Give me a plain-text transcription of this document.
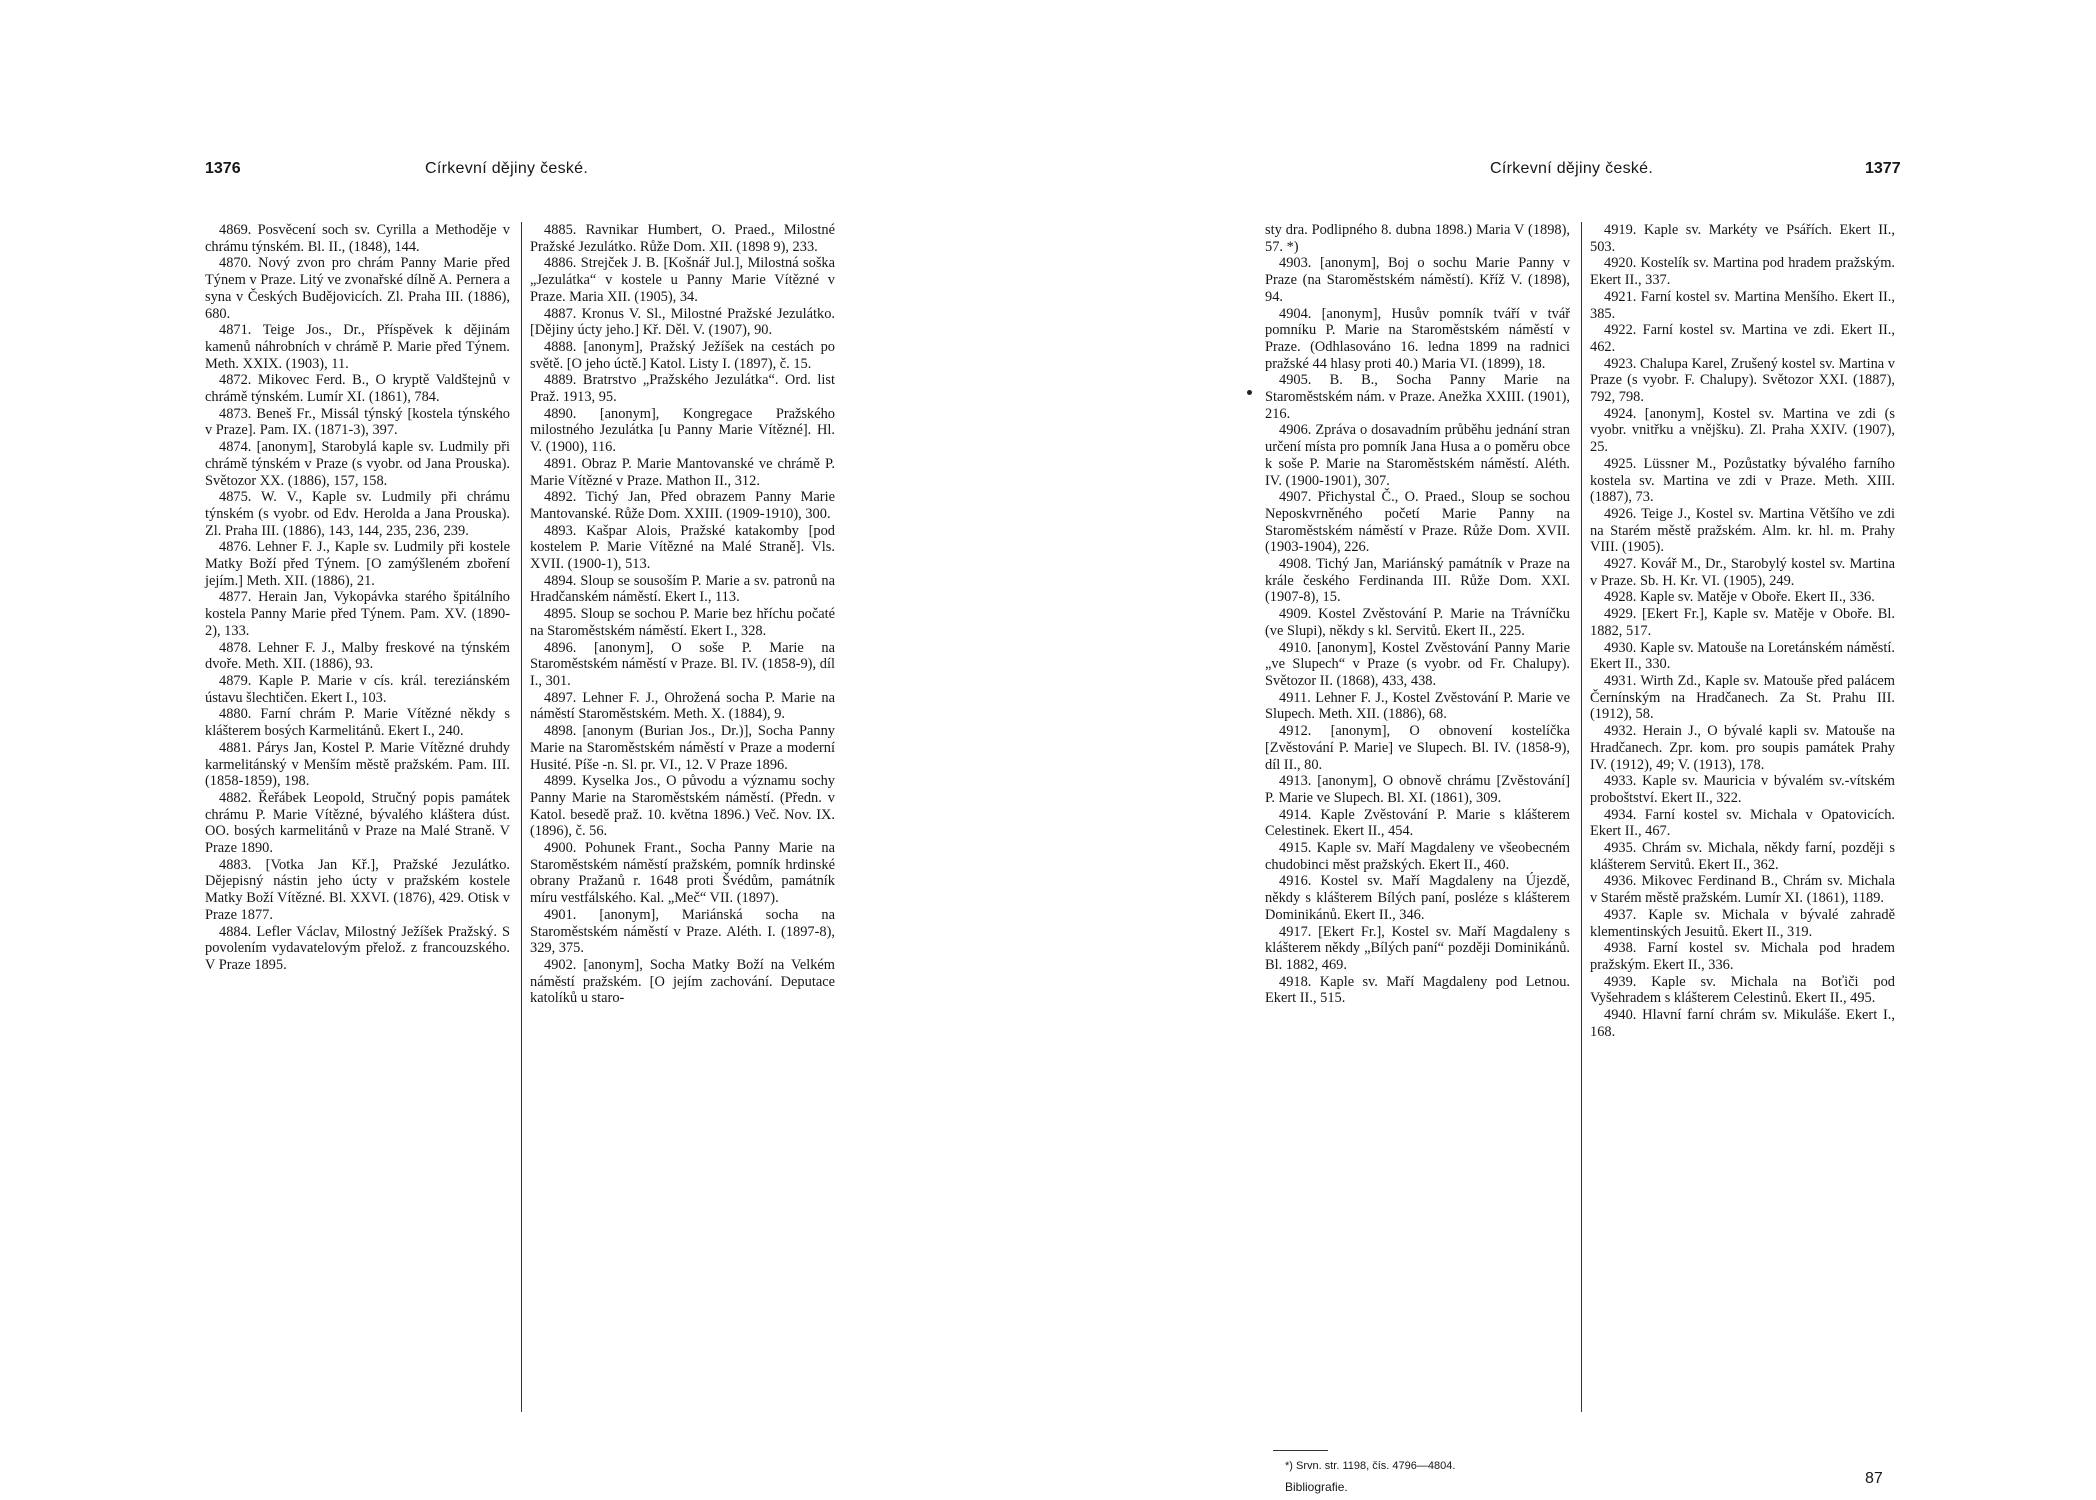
1376	Církevní dějiny české.

4869. Posvěcení soch sv. Cyrilla a Methoděje v chrámu týnském. Bl. II., (1848), 144.

4870. Nový zvon pro chrám Panny Marie před Týnem v Praze. Litý ve zvonařské dílně A. Pernera a syna v Českých Budějovicích. Zl. Praha III. (1886), 680.

4871. Teige Jos., Dr., Příspěvek k dějinám kamenů náhrobních v chrámě P. Marie před Týnem. Meth. XXIX. (1903), 11.

4872. Mikovec Ferd. B., O kryptě Valdštejnů v chrámě týnském. Lumír XI. (1861), 784.

4873. Beneš Fr., Missál týnský [kostela týnského v Praze]. Pam. IX. (1871-3), 397.

4874. [anonym], Starobylá kaple sv. Ludmily při chrámě týnském v Praze (s vyobr. od Jana Prouska). Světozor XX. (1886), 157, 158.

4875. W. V., Kaple sv. Ludmily při chrámu týnském (s vyobr. od Edv. Herolda a Jana Prouska). Zl. Praha III. (1886), 143, 144, 235, 236, 239.

4876. Lehner F. J., Kaple sv. Ludmily při kostele Matky Boží před Týnem. [O zamýšleném zboření jejím.] Meth. XII. (1886), 21.

4877. Herain Jan, Vykopávka starého špitálního kostela Panny Marie před Týnem. Pam. XV. (1890-2), 133.

4878. Lehner F. J., Malby freskové na týnském dvoře. Meth. XII. (1886), 93.

4879. Kaple P. Marie v cís. král. tereziánském ústavu šlechtičen. Ekert I., 103.

4880. Farní chrám P. Marie Vítězné někdy s klášterem bosých Karmelitánů. Ekert I., 240.

4881. Párys Jan, Kostel P. Marie Vítězné druhdy karmelitánský v Menším městě pražském. Pam. III. (1858-1859), 198.

4882. Řeřábek Leopold, Stručný popis památek chrámu P. Marie Vítězné, bývalého kláštera dúst. OO. bosých karmelitánů v Praze na Malé Straně. V Praze 1890.

4883. [Votka Jan Kř.], Pražské Jezulátko. Dějepisný nástin jeho úcty v pražském kostele Matky Boží Vítězné. Bl. XXVI. (1876), 429. Otisk v Praze 1877.

4884. Lefler Václav, Milostný Ježíšek Pražský. S povolením vydavatelovým přelož. z francouzského. V Praze 1895.

4885. Ravnikar Humbert, O. Praed., Milostné Pražské Jezulátko. Růže Dom. XII. (1898 9), 233.

4886. Strejček J. B. [Košnář Jul.], Milostná soška „Jezulátka“ v kostele u Panny Marie Vítězné v Praze. Maria XII. (1905), 34.

4887. Kronus V. Sl., Milostné Pražské Jezulátko. [Dějiny úcty jeho.] Kř. Děl. V. (1907), 90.

4888. [anonym], Pražský Ježíšek na cestách po světě. [O jeho úctě.] Katol. Listy I. (1897), č. 15.

4889. Bratrstvo „Pražského Jezulátka“. Ord. list Praž. 1913, 95.

4890. [anonym], Kongregace Pražského milostného Jezulátka [u Panny Marie Vítězné]. Hl. V. (1900), 116.

4891. Obraz P. Marie Mantovanské ve chrámě P. Marie Vítězné v Praze. Mathon II., 312.

4892. Tichý Jan, Před obrazem Panny Marie Mantovanské. Růže Dom. XXIII. (1909-1910), 300.

4893. Kašpar Alois, Pražské katakomby [pod kostelem P. Marie Vítězné na Malé Straně]. Vls. XVII. (1900-1), 513.

4894. Sloup se sousoším P. Marie a sv. patronů na Hradčanském náměstí. Ekert I., 113.

4895. Sloup se sochou P. Marie bez hříchu počaté na Staroměstském náměstí. Ekert I., 328.

4896. [anonym], O soše P. Marie na Staroměstském náměstí v Praze. Bl. IV. (1858-9), díl I., 301.

4897. Lehner F. J., Ohrožená socha P. Marie na náměstí Staroměstském. Meth. X. (1884), 9.

4898. [anonym (Burian Jos., Dr.)], Socha Panny Marie na Staroměstském náměstí v Praze a moderní Husité. Píše -n. Sl. pr. VI., 12. V Praze 1896.

4899. Kyselka Jos., O původu a významu sochy Panny Marie na Staroměstském náměstí. (Předn. v Katol. besedě praž. 10. května 1896.) Več. Nov. IX. (1896), č. 56.

4900. Pohunek Frant., Socha Panny Marie na Staroměstském náměstí pražském, pomník hrdinské obrany Pražanů r. 1648 proti Švédům, památník míru vestfálského. Kal. „Meč“ VII. (1897).

4901. [anonym], Mariánská socha na Staroměstském náměstí v Praze. Aléth. I. (1897-8), 329, 375.

4902. [anonym], Socha Matky Boží na Velkém náměstí pražském. [O jejím zachování. Deputace katolíků u staro-

Církevní dějiny české.	1377

sty dra. Podlipného 8. dubna 1898.) Maria V (1898), 57. *)

4903. [anonym], Boj o sochu Marie Panny v Praze (na Staroměstském náměstí). Kříž V. (1898), 94.

4904. [anonym], Husův pomník tváří v tvář pomníku P. Marie na Staroměstském náměstí v Praze. (Odhlasováno 16. ledna 1899 na radnici pražské 44 hlasy proti 40.) Maria VI. (1899), 18.

4905. B. B., Socha Panny Marie na Staroměstském nám. v Praze. Anežka XXIII. (1901), 216.

4906. Zpráva o dosavadním průběhu jednání stran určení místa pro pomník Jana Husa a o poměru obce k soše P. Marie na Staroměstském náměstí. Aléth. IV. (1900-1901), 307.

4907. Přichystal Č., O. Praed., Sloup se sochou Neposkvrněného početí Marie Panny na Staroměstském náměstí v Praze. Růže Dom. XVII. (1903-1904), 226.

4908. Tichý Jan, Mariánský památník v Praze na krále českého Ferdinanda III. Růže Dom. XXI. (1907-8), 15.

4909. Kostel Zvěstování P. Marie na Trávníčku (ve Slupi), někdy s kl. Servitů. Ekert II., 225.

4910. [anonym], Kostel Zvěstování Panny Marie „ve Slupech“ v Praze (s vyobr. od Fr. Chalupy). Světozor II. (1868), 433, 438.

4911. Lehner F. J., Kostel Zvěstování P. Marie ve Slupech. Meth. XII. (1886), 68.

4912. [anonym], O obnovení kostelíčka [Zvěstování P. Marie] ve Slupech. Bl. IV. (1858-9), díl II., 80.

4913. [anonym], O obnově chrámu [Zvěstování] P. Marie ve Slupech. Bl. XI. (1861), 309.

4914. Kaple Zvěstování P. Marie s klášterem Celestinek. Ekert II., 454.

4915. Kaple sv. Maří Magdaleny ve všeobecném chudobinci měst pražských. Ekert II., 460.

4916. Kostel sv. Maří Magdaleny na Újezdě, někdy s klášterem Bílých paní, posléze s klášterem Dominikánů. Ekert II., 346.

4917. [Ekert Fr.], Kostel sv. Maří Magdaleny s klášterem někdy „Bílých paní“ později Dominikánů. Bl. 1882, 469.

4918. Kaple sv. Maří Magdaleny pod Letnou. Ekert II., 515.

4919. Kaple sv. Markéty ve Psářích. Ekert II., 503.

4920. Kostelík sv. Martina pod hradem pražským. Ekert II., 337.

4921. Farní kostel sv. Martina Menšího. Ekert II., 385.

4922. Farní kostel sv. Martina ve zdi. Ekert II., 462.

4923. Chalupa Karel, Zrušený kostel sv. Martina v Praze (s vyobr. F. Chalupy). Světozor XXI. (1887), 792, 798.

4924. [anonym], Kostel sv. Martina ve zdi (s vyobr. vnitřku a vnějšku). Zl. Praha XXIV. (1907), 25.

4925. Lüssner M., Pozůstatky bývalého farního kostela sv. Martina ve zdi v Praze. Meth. XIII. (1887), 73.

4926. Teige J., Kostel sv. Martina Většího ve zdi na Starém městě pražském. Alm. kr. hl. m. Prahy VIII. (1905).

4927. Kovář M., Dr., Starobylý kostel sv. Martina v Praze. Sb. H. Kr. VI. (1905), 249.

4928. Kaple sv. Matěje v Oboře. Ekert II., 336.

4929. [Ekert Fr.], Kaple sv. Matěje v Oboře. Bl. 1882, 517.

4930. Kaple sv. Matouše na Loretánském náměstí. Ekert II., 330.

4931. Wirth Zd., Kaple sv. Matouše před palácem Černínským na Hradčanech. Za St. Prahu III. (1912), 58.

4932. Herain J., O bývalé kapli sv. Matouše na Hradčanech. Zpr. kom. pro soupis památek Prahy IV. (1912), 49; V. (1913), 178.

4933. Kaple sv. Mauricia v bývalém sv.-vítském proboštství. Ekert II., 322.

4934. Farní kostel sv. Michala v Opatovicích. Ekert II., 467.

4935. Chrám sv. Michala, někdy farní, později s klášterem Servitů. Ekert II., 362.

4936. Mikovec Ferdinand B., Chrám sv. Michala v Starém městě pražském. Lumír XI. (1861), 1189.

4937. Kaple sv. Michala v bývalé zahradě klementinských Jesuitů. Ekert II., 319.

4938. Farní kostel sv. Michala pod hradem pražským. Ekert II., 336.

4939. Kaple sv. Michala na Boťiči pod Vyšehradem s klášterem Celestinů. Ekert II., 495.

4940. Hlavní farní chrám sv. Mikuláše. Ekert I., 168.

*) Srvn. str. 1198, čís. 4796—4804.
Bibliografie.	87
